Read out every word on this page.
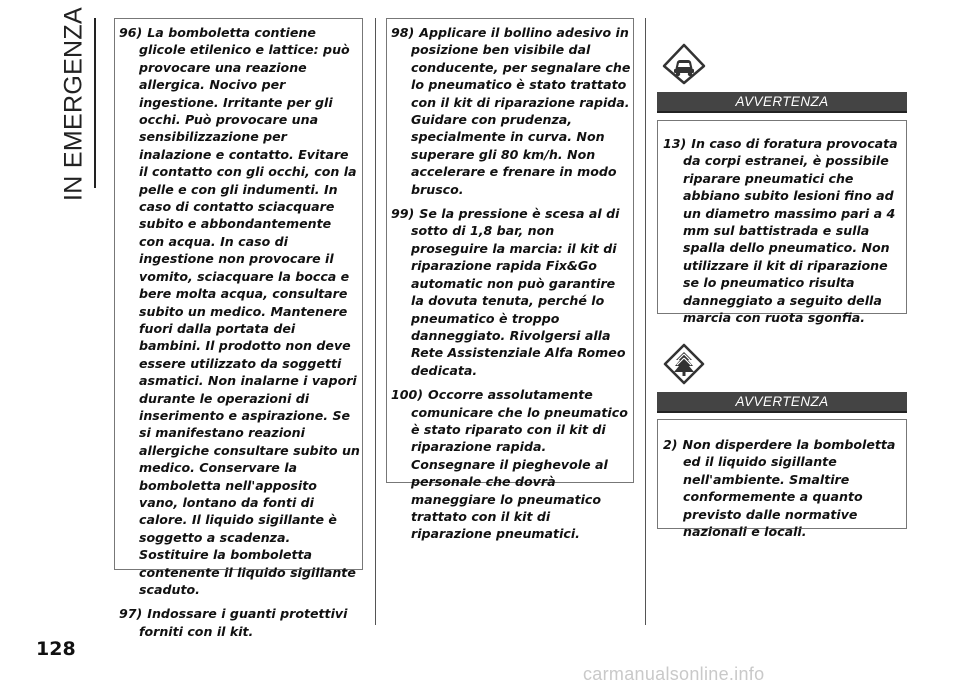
IN EMERGENZA	96) La bomboletta contiene glicole etilenico e lattice: può provocare una reazione allergica. Nocivo per ingestione. Irritante per gli occhi. Può provocare una sensibilizzazione per inalazione e contatto. Evitare il contatto con gli occhi, con la pelle e con gli indumenti. In caso di contatto sciacquare subito e abbondantemente con acqua. In caso di ingestione non provocare il vomito, sciacquare la bocca e bere molta acqua, consultare subito un medico. Mantenere fuori dalla portata dei bambini. Il prodotto non deve essere utilizzato da soggetti asmatici. Non inalarne i vapori durante le operazioni di inserimento e aspirazione. Se si manifestano reazioni allergiche consultare subito un medico. Conservare la bomboletta nell'apposito vano, lontano da fonti di calore. Il liquido sigillante è soggetto a scadenza. Sostituire la bomboletta contenente il liquido sigillante scaduto.

97) Indossare i guanti protettivi forniti con il kit.

98) Applicare il bollino adesivo in posizione ben visibile dal conducente, per segnalare che lo pneumatico è stato trattato con il kit di riparazione rapida. Guidare con prudenza, specialmente in curva. Non superare gli 80 km/h. Non accelerare e frenare in modo brusco.

99) Se la pressione è scesa al di sotto di 1,8 bar, non proseguire la marcia: il kit di riparazione rapida Fix&Go automatic non può garantire la dovuta tenuta, perché lo pneumatico è troppo danneggiato. Rivolgersi alla Rete Assistenziale Alfa Romeo dedicata.

100) Occorre assolutamente comunicare che lo pneumatico è stato riparato con il kit di riparazione rapida. Consegnare il pieghevole al personale che dovrà maneggiare lo pneumatico trattato con il kit di riparazione pneumatici.

AVVERTENZA

13) In caso di foratura provocata da corpi estranei, è possibile riparare pneumatici che abbiano subito lesioni fino ad un diametro massimo pari a 4 mm sul battistrada e sulla spalla dello pneumatico. Non utilizzare il kit di riparazione se lo pneumatico risulta danneggiato a seguito della marcia con ruota sgonfia.

AVVERTENZA

2) Non disperdere la bomboletta ed il liquido sigillante nell'ambiente. Smaltire conformemente a quanto previsto dalle normative nazionali e locali.

128
carmanualsonline.info
